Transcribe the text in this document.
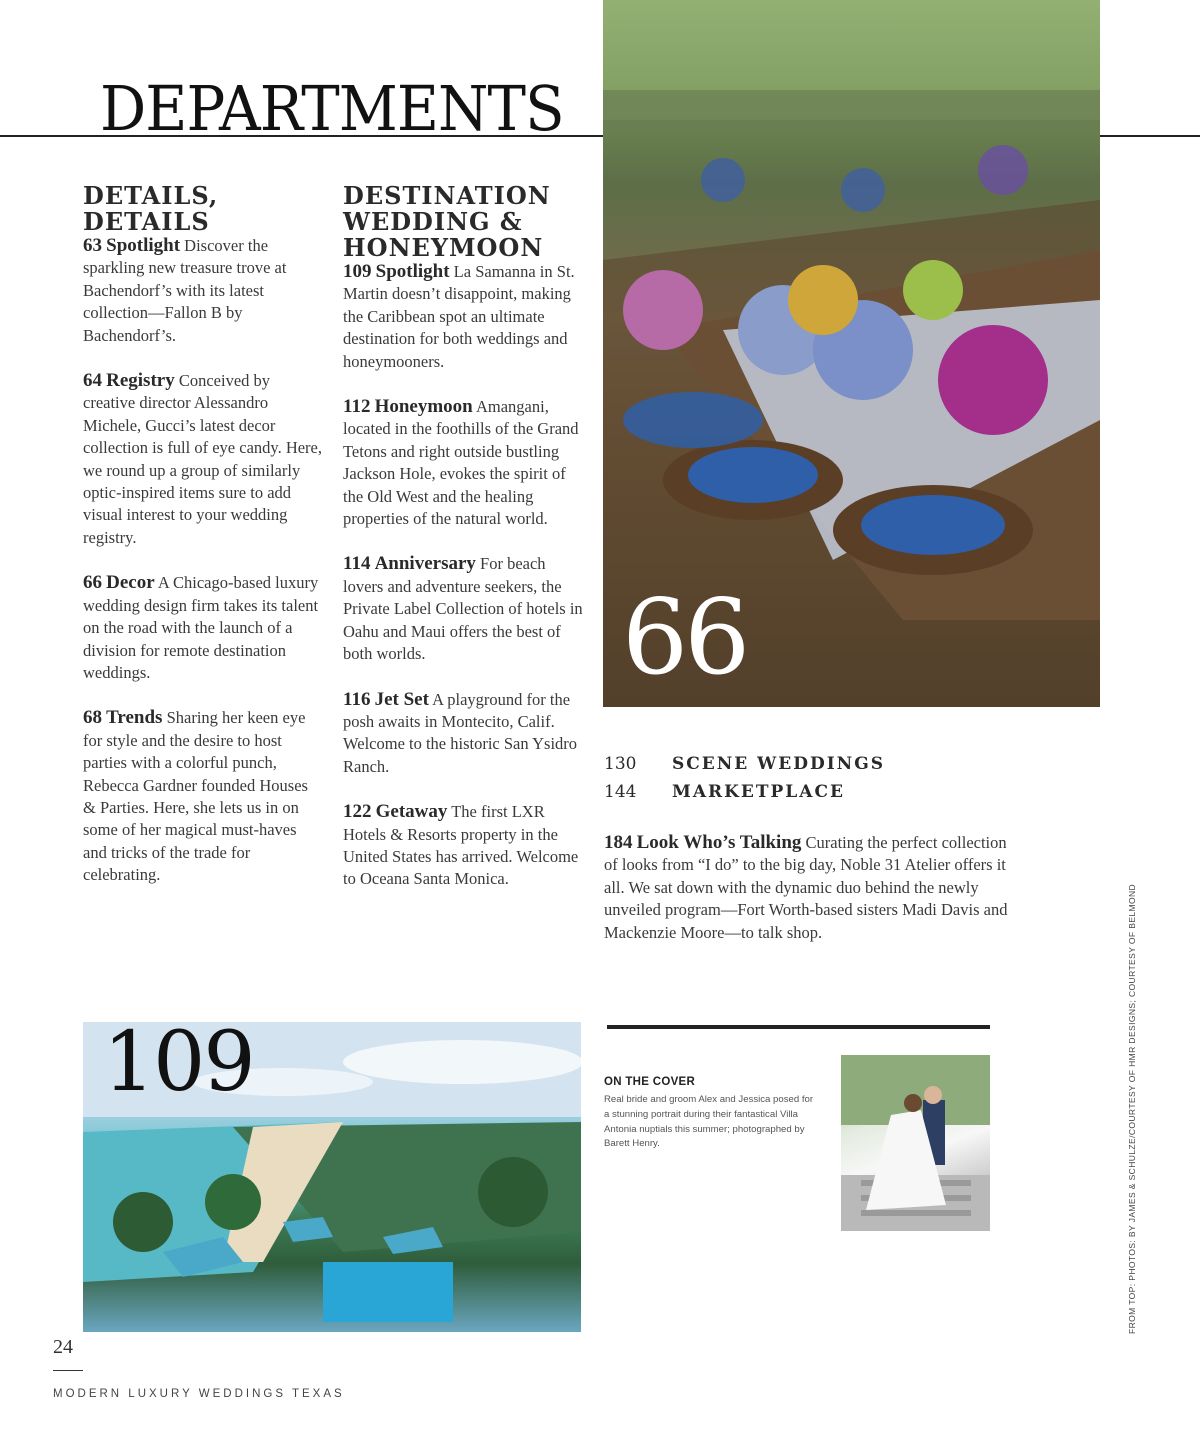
DEPARTMENTS
DETAILS, DETAILS

63 Spotlight Discover the sparkling new treasure trove at Bachendorf’s with its latest collection—Fallon B by Bachendorf’s.

64 Registry Conceived by creative director Alessandro Michele, Gucci’s latest decor collection is full of eye candy. Here, we round up a group of similarly optic-inspired items sure to add visual interest to your wedding registry.

66 Decor A Chicago-based luxury wedding design firm takes its talent on the road with the launch of a division for remote destination weddings.

68 Trends Sharing her keen eye for style and the desire to host parties with a colorful punch, Rebecca Gardner founded Houses & Parties. Here, she lets us in on some of her magical must-haves and tricks of the trade for celebrating.

DESTINATION WEDDING & HONEYMOON

109 Spotlight La Samanna in St. Martin doesn’t disappoint, making the Caribbean spot an ultimate destination for both weddings and honeymooners.

112 Honeymoon Amangani, located in the foothills of the Grand Tetons and right outside bustling Jackson Hole, evokes the spirit of the Old West and the healing properties of the natural world.

114 Anniversary For beach lovers and adventure seekers, the Private Label Collection of hotels in Oahu and Maui offers the best of both worlds.

116 Jet Set A playground for the posh awaits in Montecito, Calif. Welcome to the historic San Ysidro Ranch.

122 Getaway The first LXR Hotels & Resorts property in the United States has arrived. Welcome to Oceana Santa Monica.

66
130 SCENE WEDDINGS
144 MARKETPLACE
184 Look Who’s Talking Curating the perfect collection of looks from “I do” to the big day, Noble 31 Atelier offers it all. We sat down with the dynamic duo behind the newly unveiled program—Fort Worth-based sisters Madi Davis and Mackenzie Moore—to talk shop.
109	ON THE COVER
Real bride and groom Alex and Jessica posed for a stunning portrait during their fantastical Villa Antonia nuptials this summer; photographed by Barett Henry.	FROM TOP: PHOTOS: BY JAMES & SCHULZE/COURTESY OF HMR DESIGNS; COURTESY OF BELMOND
24
MODERN LUXURY WEDDINGS TEXAS
